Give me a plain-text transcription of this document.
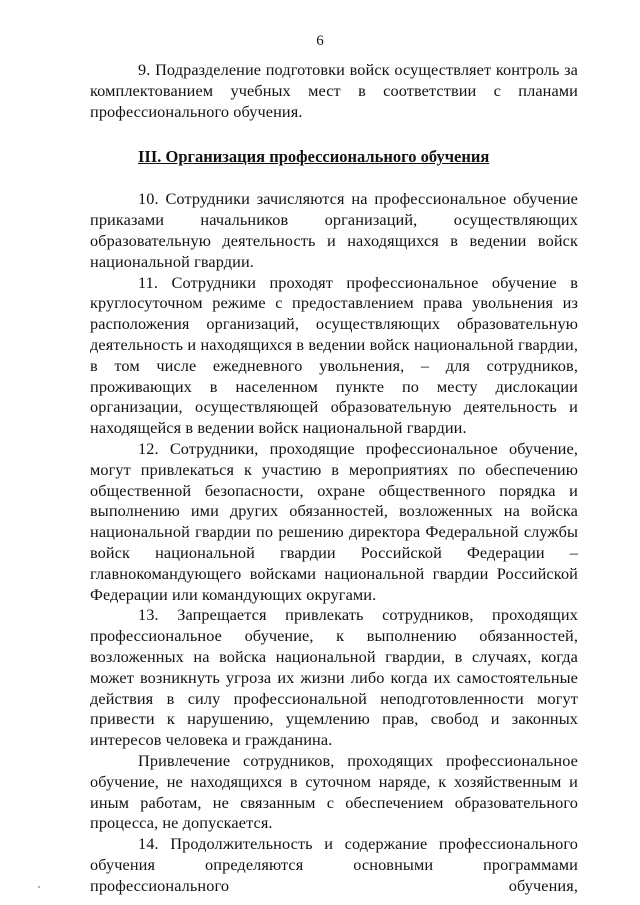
6

9. Подразделение подготовки войск осуществляет контроль за комплектованием учебных мест в соответствии с планами профессионального обучения.

III. Организация профессионального обучения

10. Сотрудники зачисляются на профессиональное обучение приказами начальников организаций, осуществляющих образовательную деятельность и находящихся в ведении войск национальной гвардии.

11. Сотрудники проходят профессиональное обучение в круглосуточном режиме с предоставлением права увольнения из расположения организаций, осуществляющих образовательную деятельность и находящихся в ведении войск национальной гвардии, в том числе ежедневного увольнения, – для сотрудников, проживающих в населенном пункте по месту дислокации организации, осуществляющей образовательную деятельность и находящейся в ведении войск национальной гвардии.

12. Сотрудники, проходящие профессиональное обучение, могут привлекаться к участию в мероприятиях по обеспечению общественной безопасности, охране общественного порядка и выполнению ими других обязанностей, возложенных на войска национальной гвардии по решению директора Федеральной службы войск национальной гвардии Российской Федерации – главнокомандующего войсками национальной гвардии Российской Федерации или командующих округами.

13. Запрещается привлекать сотрудников, проходящих профессиональное обучение, к выполнению обязанностей, возложенных на войска национальной гвардии, в случаях, когда может возникнуть угроза их жизни либо когда их самостоятельные действия в силу профессиональной неподготовленности могут привести к нарушению, ущемлению прав, свобод и законных интересов человека и гражданина.

Привлечение сотрудников, проходящих профессиональное обучение, не находящихся в суточном наряде, к хозяйственным и иным работам, не связанным с обеспечением образовательного процесса, не допускается.

14. Продолжительность и содержание профессионального обучения определяются основными программами профессионального обучения,
